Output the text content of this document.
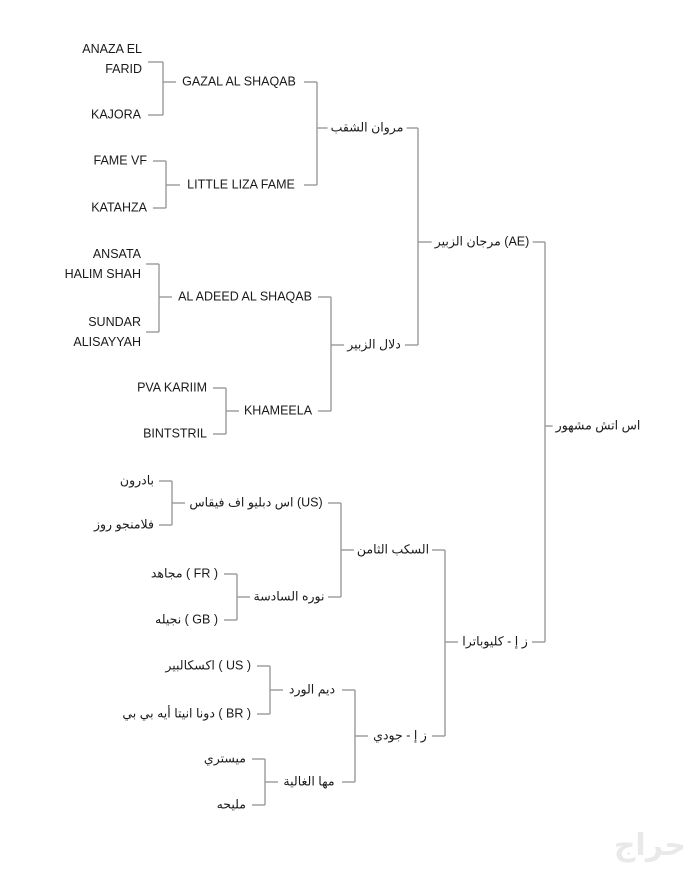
اس اتش مشهور
مرجان الزبير (AE)
ز إ - كليوباترا
مروان الشقب
دلال الزبير
السكب الثامن
ز إ - جودي
GAZAL AL SHAQAB
LITTLE LIZA FAME
AL ADEED AL SHAQAB
KHAMEELA
اس دبليو اف فيقاس (US)
نوره السادسة
ديم الورد
مها الغالية
ANAZA EL
FARID
KAJORA
FAME VF
KATAHZA
ANSATA
HALIM SHAH
SUNDAR
ALISAYYAH
PVA KARIIM
BINTSTRIL
بادرون
فلامنجو روز
مجاهد ( FR )
نجيله ( GB )
اكسكالبير ( US )
دونا انيتا أيه بي بي ( BR )
ميستري
مليحه
حراج
